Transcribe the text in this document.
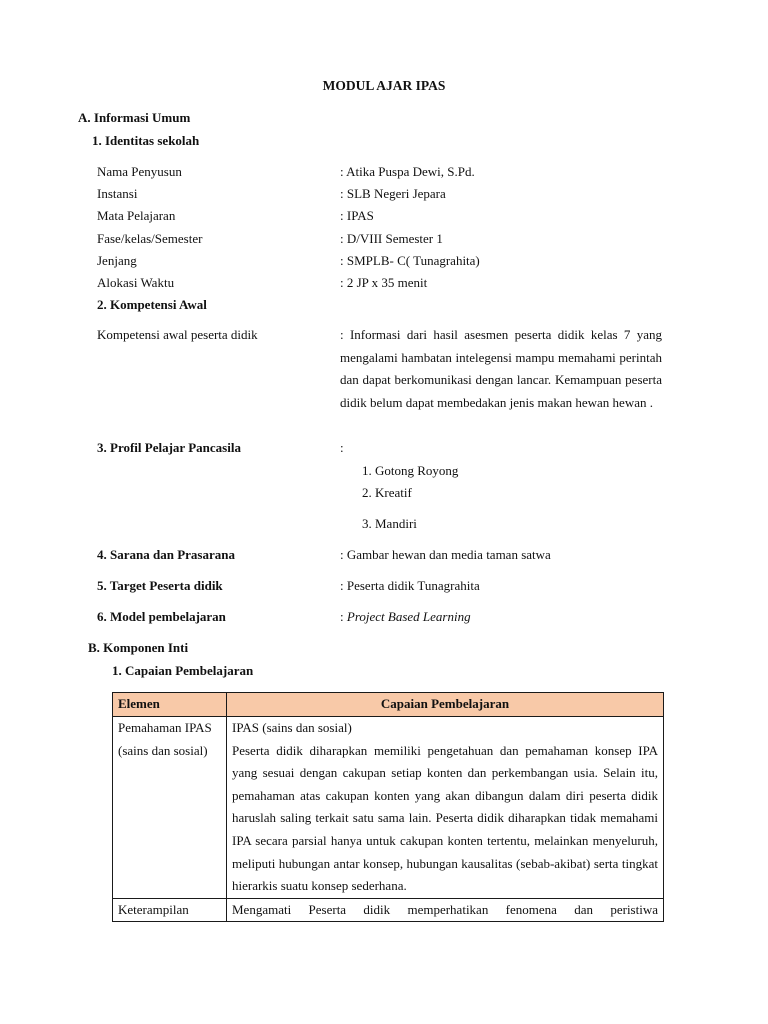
MODUL AJAR IPAS
A. Informasi Umum
1. Identitas sekolah
Nama Penyusun	: Atika Puspa Dewi, S.Pd.
Instansi	: SLB Negeri Jepara
Mata Pelajaran	: IPAS
Fase/kelas/Semester	: D/VIII Semester 1
Jenjang	: SMPLB- C( Tunagrahita)
Alokasi Waktu	: 2 JP x 35 menit
2. Kompetensi Awal
Kompetensi awal peserta didik	: Informasi dari hasil asesmen peserta didik kelas 7 yang mengalami hambatan intelegensi mampu memahami perintah dan dapat berkomunikasi dengan lancar. Kemampuan peserta didik belum dapat membedakan jenis makan hewan hewan .
3. Profil Pelajar Pancasila	:
1. Gotong Royong
2. Kreatif
3. Mandiri
4. Sarana dan Prasarana	: Gambar hewan dan media taman satwa
5. Target Peserta didik	: Peserta didik Tunagrahita
6. Model pembelajaran	: Project Based Learning
B. Komponen Inti
1. Capaian Pembelajaran
Elemen	Capaian Pembelajaran
Pemahaman IPAS (sains dan sosial)	IPAS (sains dan sosial)
Peserta didik diharapkan memiliki pengetahuan dan pemahaman konsep IPA yang sesuai dengan cakupan setiap konten dan perkembangan usia. Selain itu, pemahaman atas cakupan konten yang akan dibangun dalam diri peserta didik haruslah saling terkait satu sama lain. Peserta didik diharapkan tidak memahami IPA secara parsial hanya untuk cakupan konten tertentu, melainkan menyeluruh, meliputi hubungan antar konsep, hubungan kausalitas (sebab-akibat) serta tingkat hierarkis suatu konsep sederhana.
Keterampilan	Mengamati Peserta didik memperhatikan fenomena dan peristiwa
